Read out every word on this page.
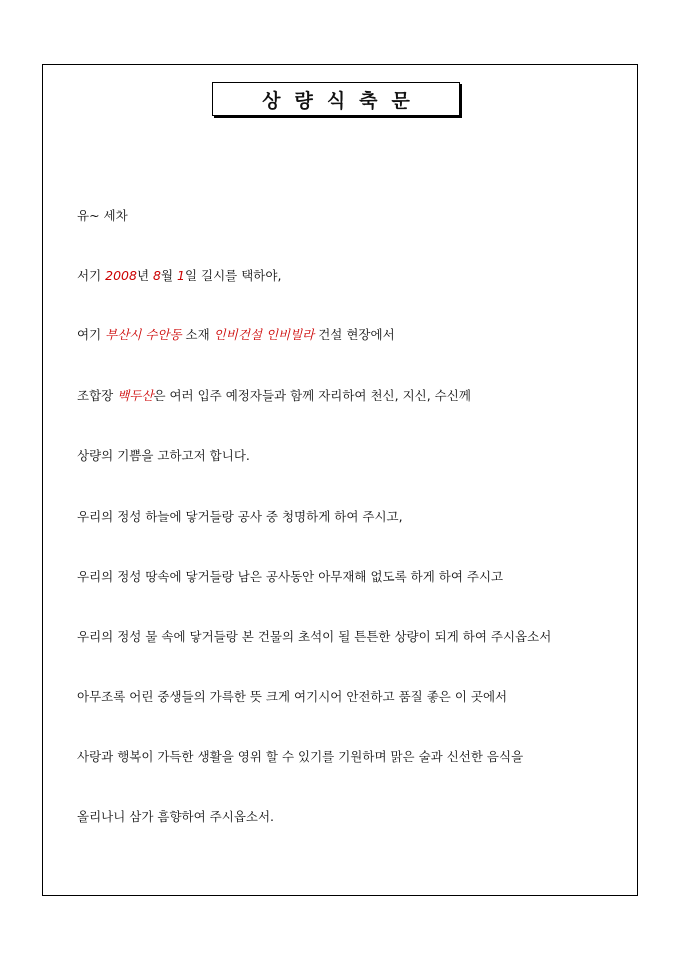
상량식축문
유~ 세차
서기 2008년 8월 1일 길시를 택하야,
여기 부산시 수안동 소재 인비건설 인비빌라 건설 현장에서
조합장 백두산은 여러 입주 예정자들과 함께 자리하여 천신, 지신, 수신께
상량의 기쁨을 고하고저 합니다.
우리의 정성 하늘에 닿거들랑 공사 중 청명하게 하여 주시고,
우리의 정성 땅속에 닿거들랑 남은 공사동안 아무재해 없도록 하게 하여 주시고
우리의 정성 물 속에 닿거들랑 본 건물의 초석이 될 튼튼한 상량이 되게 하여 주시옵소서
아무조록 어린 중생들의 가륵한 뜻 크게 여기시어 안전하고 품질 좋은 이 곳에서
사랑과 행복이 가득한 생활을 영위 할 수 있기를 기원하며 맑은 술과 신선한 음식을
올리나니 삼가 흠향하여 주시옵소서.
